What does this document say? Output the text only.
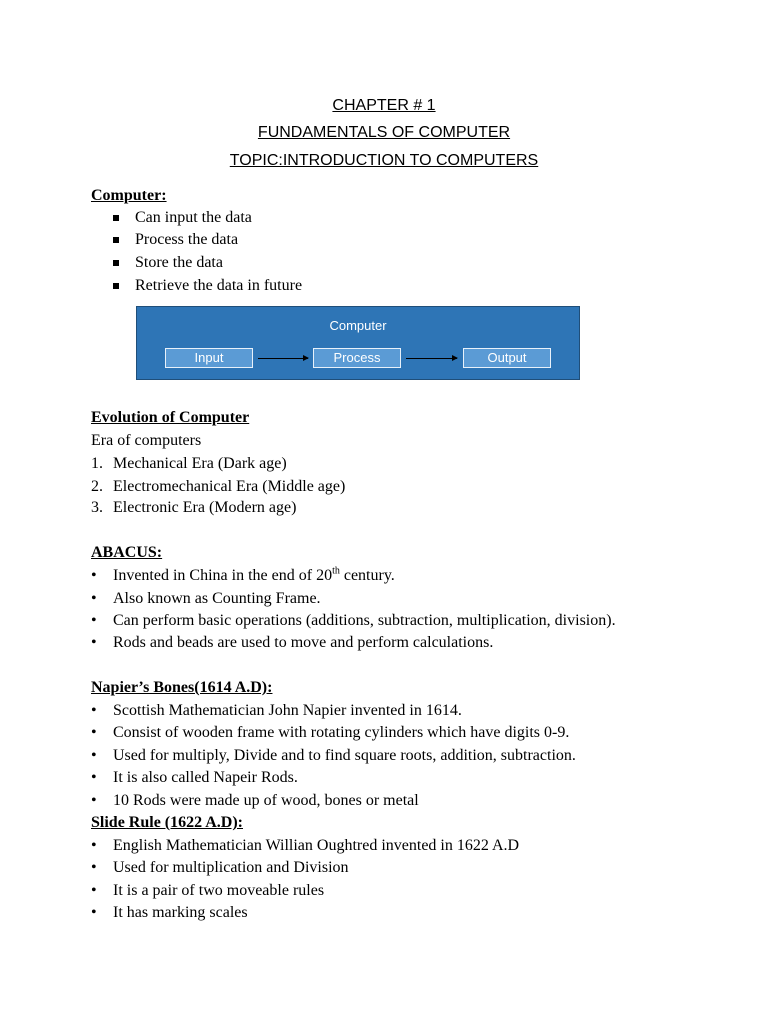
CHAPTER # 1
FUNDAMENTALS OF COMPUTER
TOPIC:INTRODUCTION TO COMPUTERS
Computer:
Can input the data
Process the data
Store the data
Retrieve the data in future
Computer
Input	Process	Output
Evolution of Computer
Era of computers
1. Mechanical Era (Dark age)
2. Electromechanical Era (Middle age)
3. Electronic Era (Modern age)
ABACUS:
•	Invented in China in the end of 20th century.
•	Also known as Counting Frame.
•	Can perform basic operations (additions, subtraction, multiplication, division).
•	Rods and beads are used to move and perform calculations.
Napier’s Bones(1614 A.D):
•	Scottish Mathematician John Napier invented in 1614.
•	Consist of wooden frame with rotating cylinders which have digits 0-9.
•	Used for multiply, Divide and to find square roots, addition, subtraction.
•	It is also called Napeir Rods.
•	10 Rods were made up of wood, bones or metal
Slide Rule (1622 A.D):
•	English Mathematician Willian Oughtred invented in 1622 A.D
•	Used for multiplication and Division
•	It is a pair of two moveable rules
•	It has marking scales
